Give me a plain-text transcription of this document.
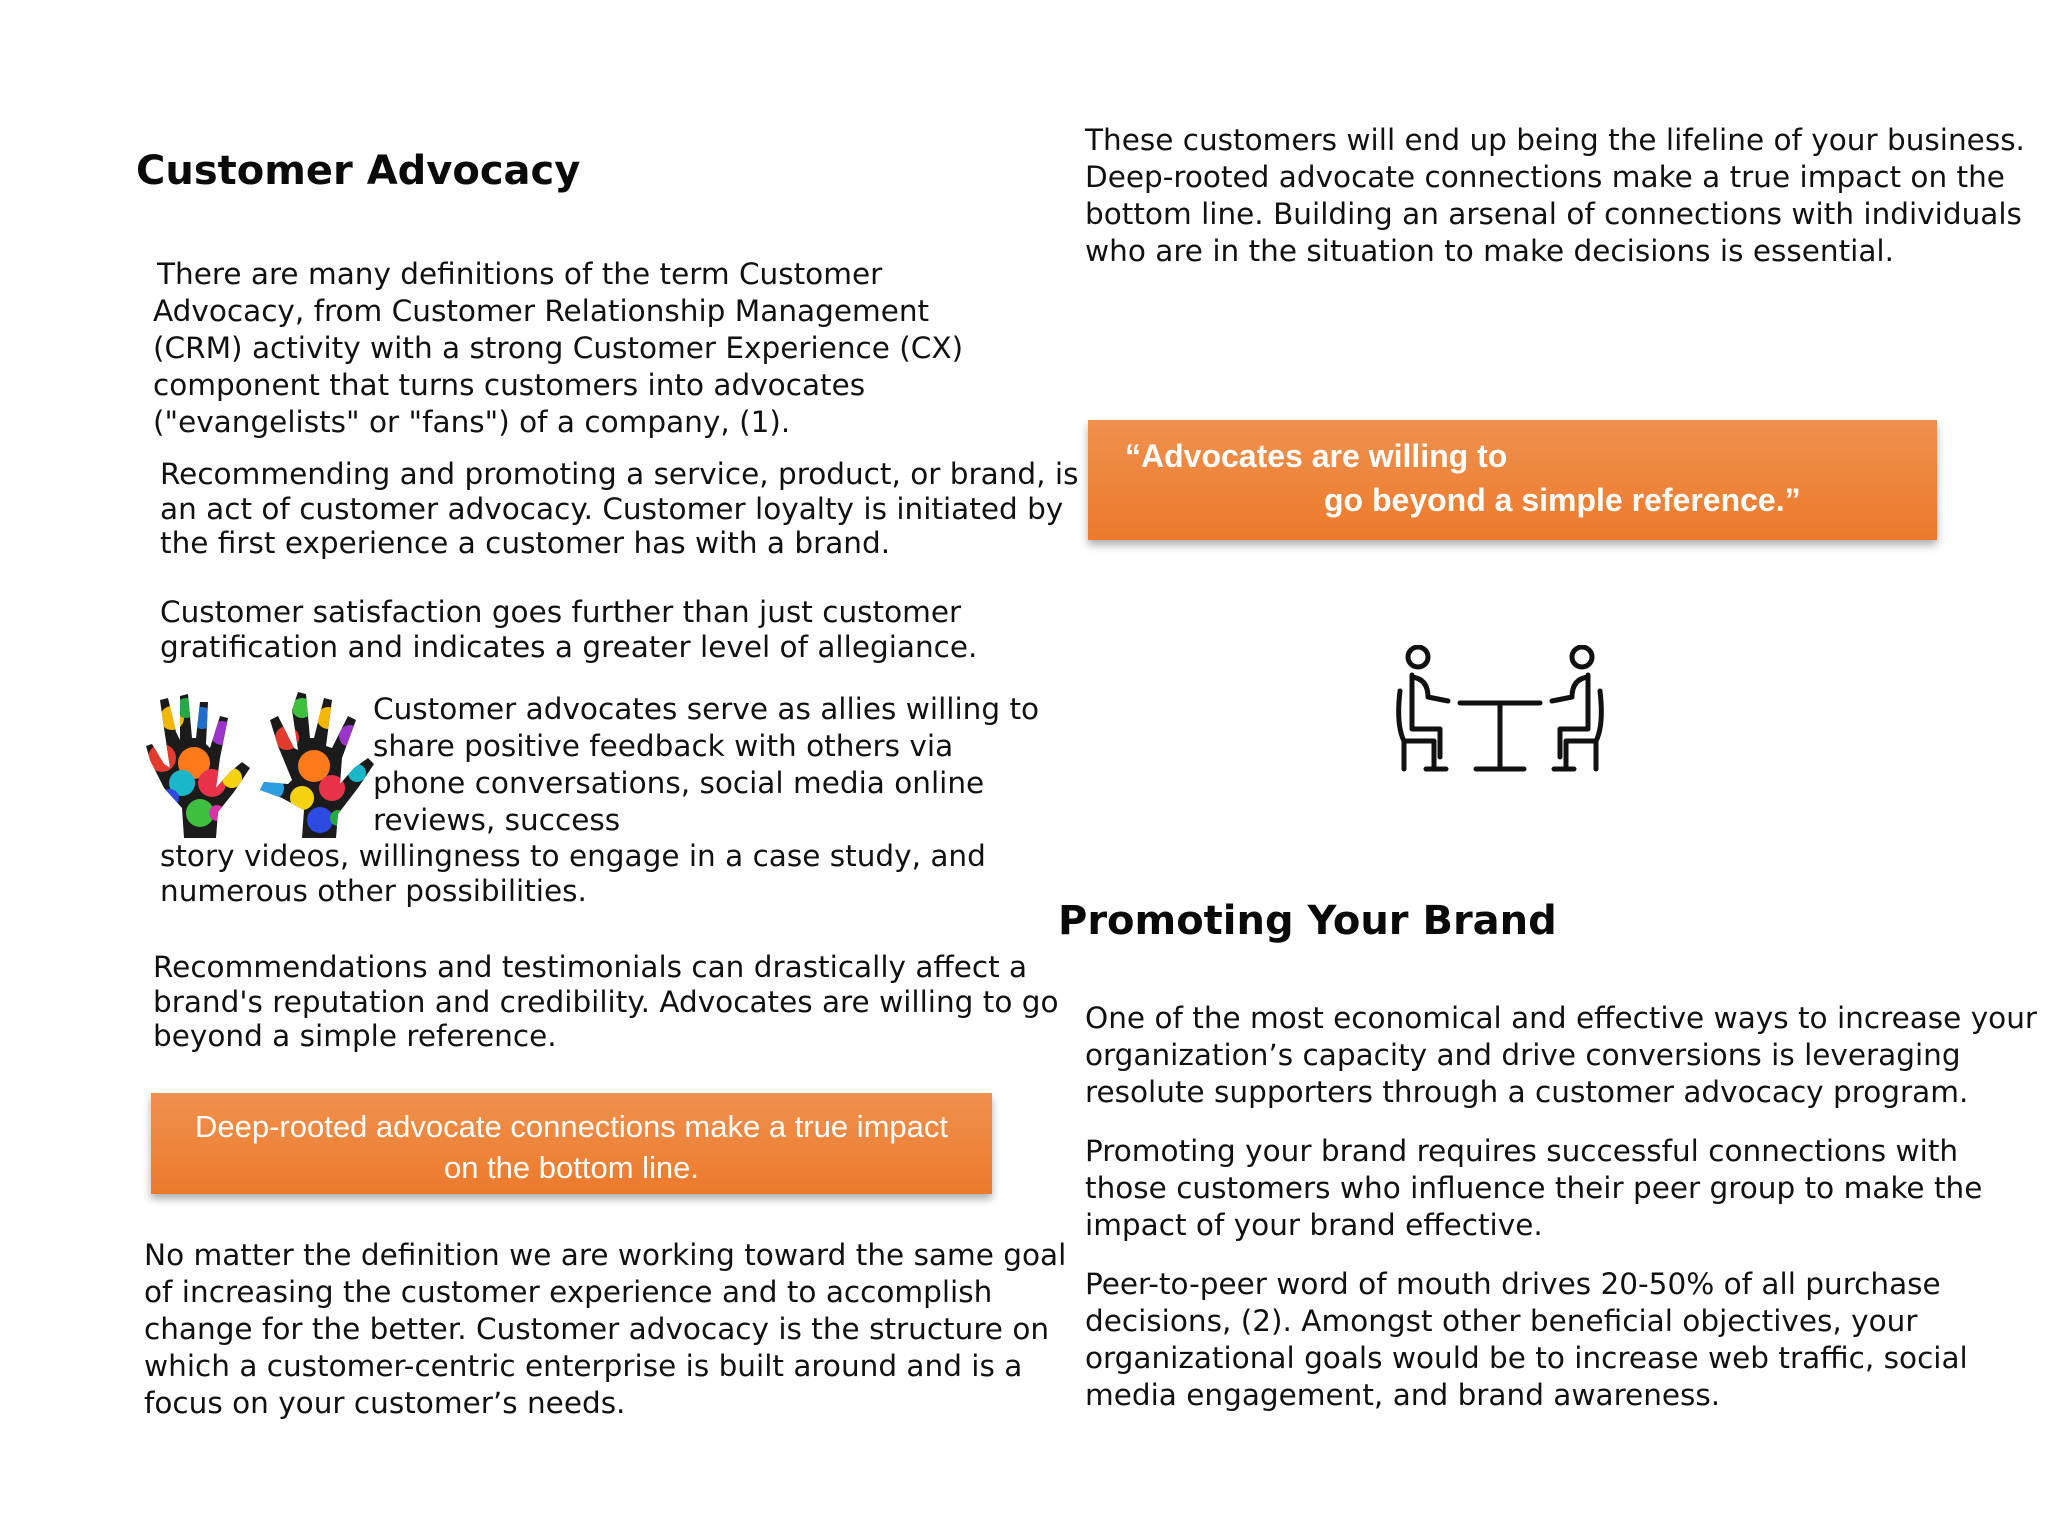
Customer Advocacy

There are many definitions of the term Customer
Advocacy, from Customer Relationship Management
(CRM) activity with a strong Customer Experience (CX)
component that turns customers into advocates
("evangelists" or "fans") of a company, (1).

Recommending and promoting a service, product, or brand, is
an act of customer advocacy. Customer loyalty is initiated by
the first experience a customer has with a brand.

Customer satisfaction goes further than just customer
gratification and indicates a greater level of allegiance.

Customer advocates serve as allies willing to
share positive feedback with others via
phone conversations, social media online
reviews, success

story videos, willingness to engage in a case study, and
numerous other possibilities.

Recommendations and testimonials can drastically affect a
brand's reputation and credibility. Advocates are willing to go
beyond a simple reference.

Deep-rooted advocate connections make a true impact
on the bottom line.

No matter the definition we are working toward the same goal
of increasing the customer experience and to accomplish
change for the better. Customer advocacy is the structure on
which a customer-centric enterprise is built around and is a
focus on your customer’s needs.

These customers will end up being the lifeline of your business.
Deep-rooted advocate connections make a true impact on the
bottom line. Building an arsenal of connections with individuals
who are in the situation to make decisions is essential.

“Advocates are willing to
go beyond a simple reference.”
Promoting Your Brand

One of the most economical and effective ways to increase your
organization’s capacity and drive conversions is leveraging
resolute supporters through a customer advocacy program.

Promoting your brand requires successful connections with
those customers who influence their peer group to make the
impact of your brand effective.

Peer-to-peer word of mouth drives 20-50% of all purchase
decisions, (2). Amongst other beneficial objectives, your
organizational goals would be to increase web traffic, social
media engagement, and brand awareness.
